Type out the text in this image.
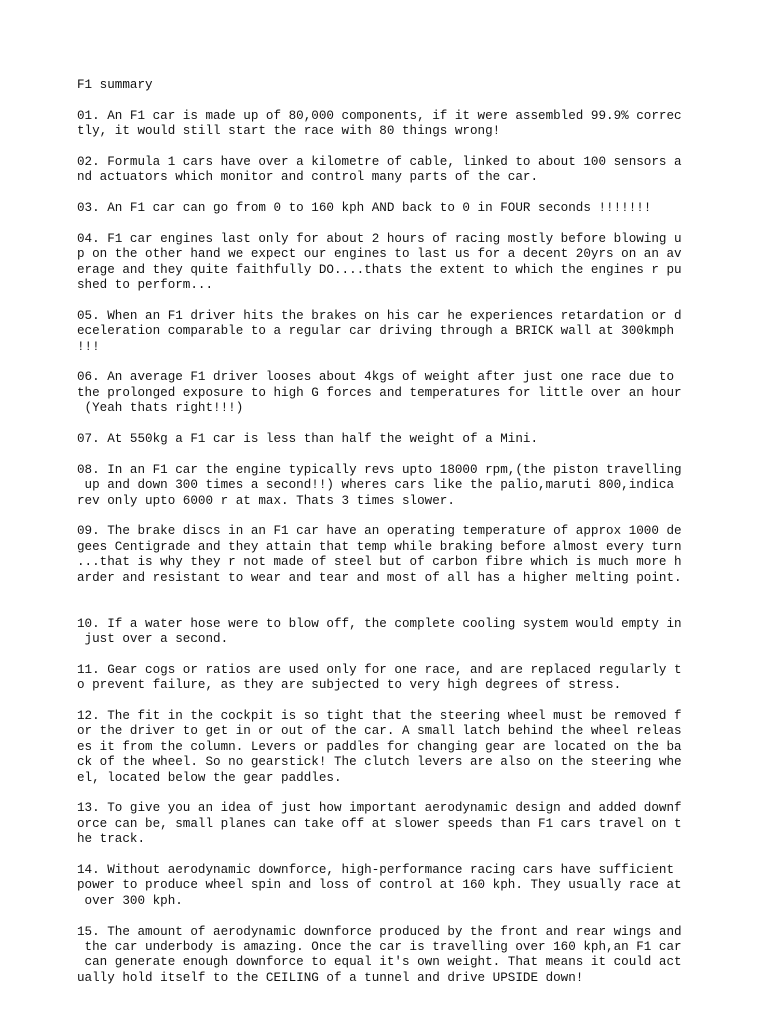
F1 summary
01. An F1 car is made up of 80,000 components, if it were assembled 99.9% correc
tly, it would still start the race with 80 things wrong!
02. Formula 1 cars have over a kilometre of cable, linked to about 100 sensors a
nd actuators which monitor and control many parts of the car.
03. An F1 car can go from 0 to 160 kph AND back to 0 in FOUR seconds !!!!!!!
04. F1 car engines last only for about 2 hours of racing mostly before blowing u
p on the other hand we expect our engines to last us for a decent 20yrs on an av
erage and they quite faithfully DO....thats the extent to which the engines r pu
shed to perform...
05. When an F1 driver hits the brakes on his car he experiences retardation or d
eceleration comparable to a regular car driving through a BRICK wall at 300kmph
!!!
06. An average F1 driver looses about 4kgs of weight after just one race due to
the prolonged exposure to high G forces and temperatures for little over an hour
(Yeah thats right!!!)
07. At 550kg a F1 car is less than half the weight of a Mini.
08. In an F1 car the engine typically revs upto 18000 rpm,(the piston travelling
up and down 300 times a second!!) wheres cars like the palio,maruti 800,indica
rev only upto 6000 r at max. Thats 3 times slower.
09. The brake discs in an F1 car have an operating temperature of approx 1000 de
gees Centigrade and they attain that temp while braking before almost every turn
...that is why they r not made of steel but of carbon fibre which is much more h
arder and resistant to wear and tear and most of all has a higher melting point.
10. If a water hose were to blow off, the complete cooling system would empty in
just over a second.
11. Gear cogs or ratios are used only for one race, and are replaced regularly t
o prevent failure, as they are subjected to very high degrees of stress.
12. The fit in the cockpit is so tight that the steering wheel must be removed f
or the driver to get in or out of the car. A small latch behind the wheel releas
es it from the column. Levers or paddles for changing gear are located on the ba
ck of the wheel. So no gearstick! The clutch levers are also on the steering whe
el, located below the gear paddles.
13. To give you an idea of just how important aerodynamic design and added downf
orce can be, small planes can take off at slower speeds than F1 cars travel on t
he track.
14. Without aerodynamic downforce, high-performance racing cars have sufficient
power to produce wheel spin and loss of control at 160 kph. They usually race at
over 300 kph.
15. The amount of aerodynamic downforce produced by the front and rear wings and
the car underbody is amazing. Once the car is travelling over 160 kph,an F1 car
can generate enough downforce to equal it's own weight. That means it could act
ually hold itself to the CEILING of a tunnel and drive UPSIDE down!
